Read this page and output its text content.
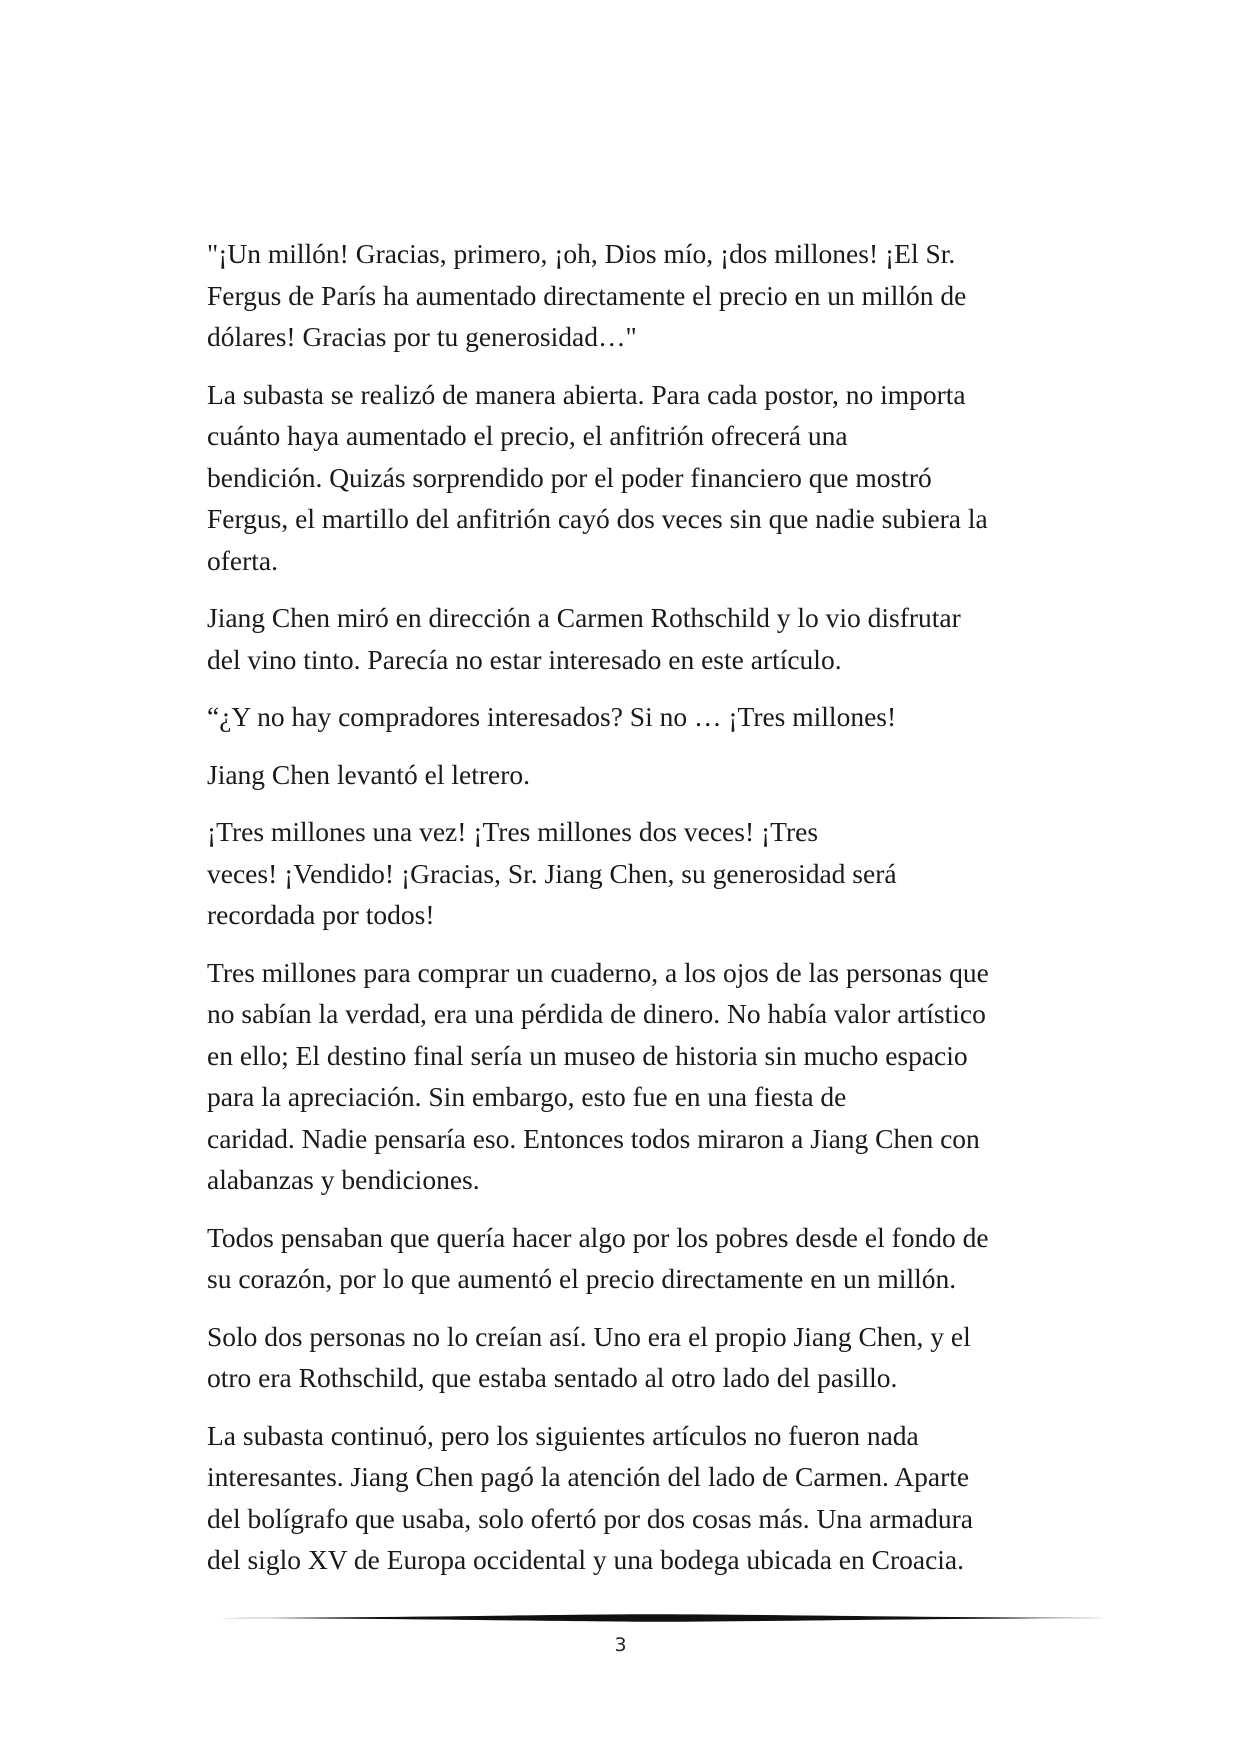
"¡Un millón! Gracias, primero, ¡oh, Dios mío, ¡dos millones! ¡El Sr.
Fergus de París ha aumentado directamente el precio en un millón de
dólares! Gracias por tu generosidad…"

La subasta se realizó de manera abierta. Para cada postor, no importa
cuánto haya aumentado el precio, el anfitrión ofrecerá una
bendición. Quizás sorprendido por el poder financiero que mostró
Fergus, el martillo del anfitrión cayó dos veces sin que nadie subiera la
oferta.

Jiang Chen miró en dirección a Carmen Rothschild y lo vio disfrutar
del vino tinto. Parecía no estar interesado en este artículo.

“¿Y no hay compradores interesados? Si no … ¡Tres millones!

Jiang Chen levantó el letrero.

¡Tres millones una vez! ¡Tres millones dos veces! ¡Tres
veces! ¡Vendido! ¡Gracias, Sr. Jiang Chen, su generosidad será
recordada por todos!

Tres millones para comprar un cuaderno, a los ojos de las personas que
no sabían la verdad, era una pérdida de dinero. No había valor artístico
en ello; El destino final sería un museo de historia sin mucho espacio
para la apreciación. Sin embargo, esto fue en una fiesta de
caridad. Nadie pensaría eso. Entonces todos miraron a Jiang Chen con
alabanzas y bendiciones.

Todos pensaban que quería hacer algo por los pobres desde el fondo de
su corazón, por lo que aumentó el precio directamente en un millón.

Solo dos personas no lo creían así. Uno era el propio Jiang Chen, y el
otro era Rothschild, que estaba sentado al otro lado del pasillo.

La subasta continuó, pero los siguientes artículos no fueron nada
interesantes. Jiang Chen pagó la atención del lado de Carmen. Aparte
del bolígrafo que usaba, solo ofertó por dos cosas más. Una armadura
del siglo XV de Europa occidental y una bodega ubicada en Croacia.

3
